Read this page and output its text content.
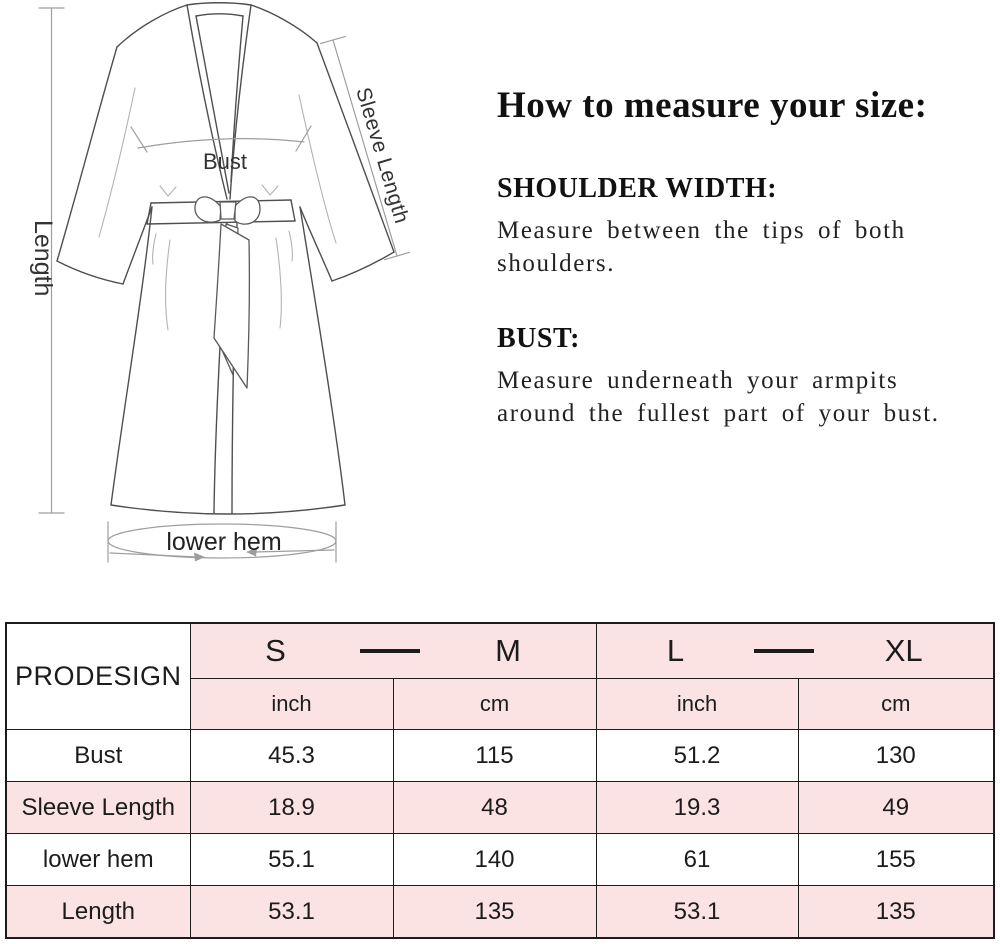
Length
Sleeve Length
Bust
lower hem
How to measure your size:
SHOULDER WIDTH:

Measure between the tips of both shoulders.

BUST:

Measure underneath your armpits around the fullest part of your bust.

PRODESIGN	S M		L XL	

	inch	cm	inch	cm
Bust	45.3	115	51.2	130
Sleeve Length	18.9	48	19.3	49
lower hem	55.1	140	61	155
Length	53.1	135	53.1	135
